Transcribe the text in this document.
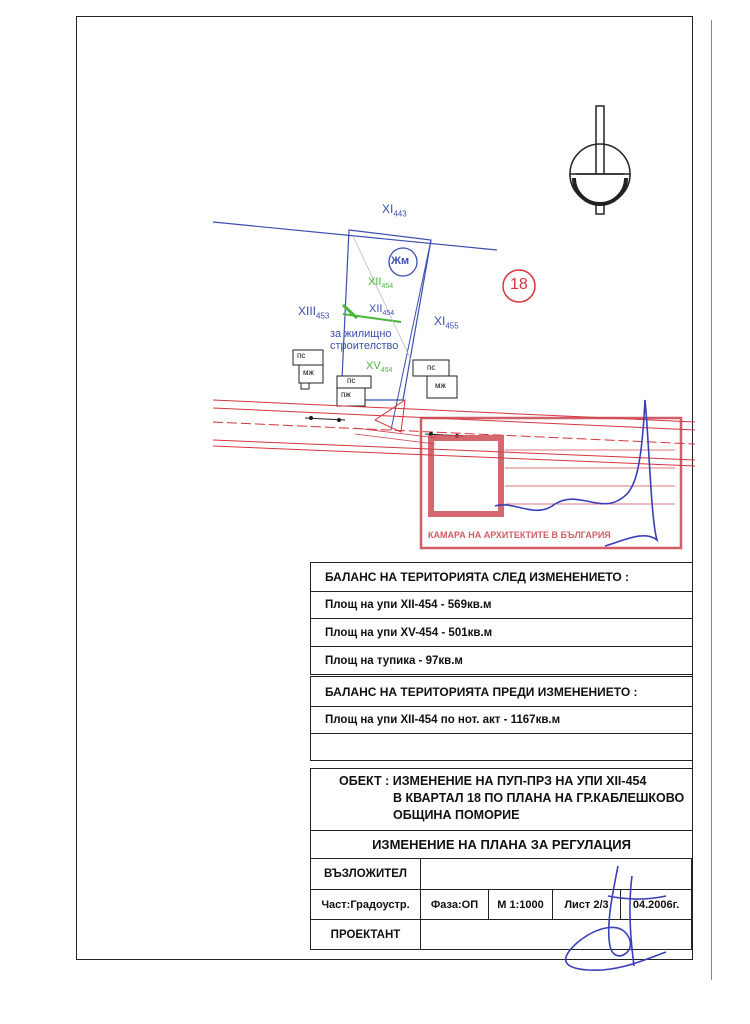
$XI_{443}$
$XIII_{453}$	$XI_{455}$
$XII_{454}$
$XII_{454}$
$XV_{454}$
Жм
18
за жилищно
строителство
пс
мж
пс
пж
пс
мж
КАМАРА НА АРХИТЕКТИТЕ В БЪЛГАРИЯ
БАЛАНС НА ТЕРИТОРИЯТА СЛЕД ИЗМЕНЕНИЕТО :
Площ на упи XII-454 - 569кв.м
Площ на упи XV-454 - 501кв.м
Площ на тупика - 97кв.м
БАЛАНС НА ТЕРИТОРИЯТА ПРЕДИ ИЗМЕНЕНИЕТО :
Площ на упи XII-454 по нот. акт - 1167кв.м
ОБЕКТ : ИЗМЕНЕНИЕ НА ПУП-ПРЗ НА УПИ XII-454
В КВАРТАЛ 18 ПО ПЛАНА НА ГР.КАБЛЕШКОВО
ОБЩИНА ПОМОРИЕ
ИЗМЕНЕНИЕ НА ПЛАНА ЗА РЕГУЛАЦИЯ
ВЪЗЛОЖИТЕЛ
Част:Градоустр.	Фаза:ОП	М 1:1000	Лист 2/3	04.2006г.
ПРОЕКТАНТ
